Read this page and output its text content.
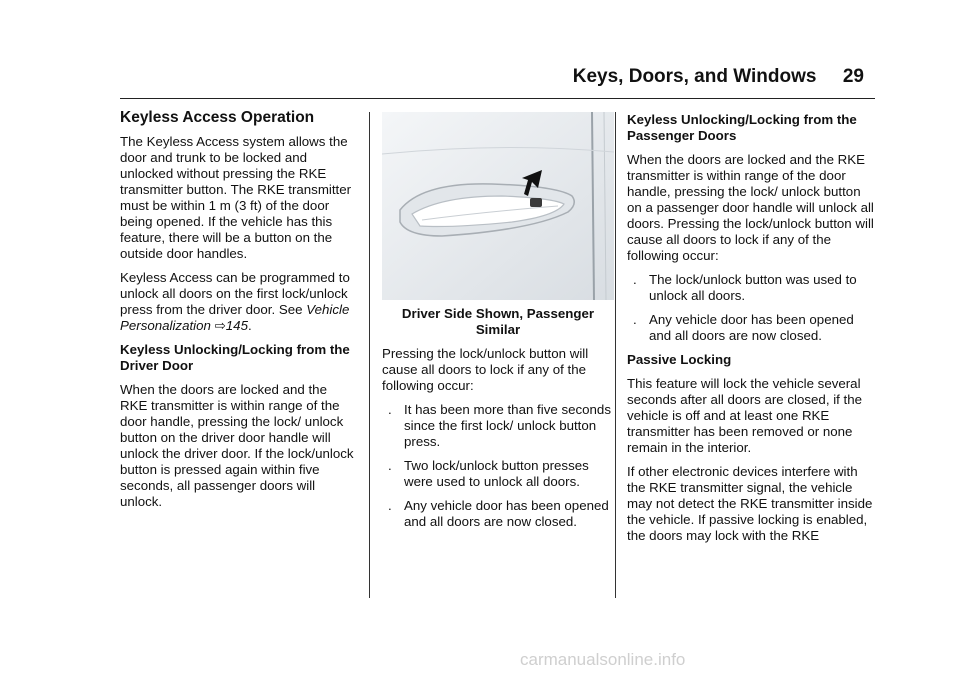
Keys, Doors, and Windows 29
Keyless Access Operation

The Keyless Access system allows the door and trunk to be locked and unlocked without pressing the RKE transmitter button. The RKE transmitter must be within 1 m (3 ft) of the door being opened. If the vehicle has this feature, there will be a button on the outside door handles.

Keyless Access can be programmed to unlock all doors on the first lock/unlock press from the driver door. See Vehicle Personalization ⇨145.

Keyless Unlocking/Locking from the Driver Door

When the doors are locked and the RKE transmitter is within range of the door handle, pressing the lock/ unlock button on the driver door handle will unlock the driver door. If the lock/unlock button is pressed again within five seconds, all passenger doors will unlock.

Driver Side Shown, Passenger Similar

Pressing the lock/unlock button will cause all doors to lock if any of the following occur:

. It has been more than five seconds since the first lock/ unlock button press.
. Two lock/unlock button presses were used to unlock all doors.
. Any vehicle door has been opened and all doors are now closed.

Keyless Unlocking/Locking from the Passenger Doors

When the doors are locked and the RKE transmitter is within range of the door handle, pressing the lock/ unlock button on a passenger door handle will unlock all doors. Pressing the lock/unlock button will cause all doors to lock if any of the following occur:

. The lock/unlock button was used to unlock all doors.
. Any vehicle door has been opened and all doors are now closed.

Passive Locking

This feature will lock the vehicle several seconds after all doors are closed, if the vehicle is off and at least one RKE transmitter has been removed or none remain in the interior.

If other electronic devices interfere with the RKE transmitter signal, the vehicle may not detect the RKE transmitter inside the vehicle. If passive locking is enabled, the doors may lock with the RKE

carmanualsonline.info
